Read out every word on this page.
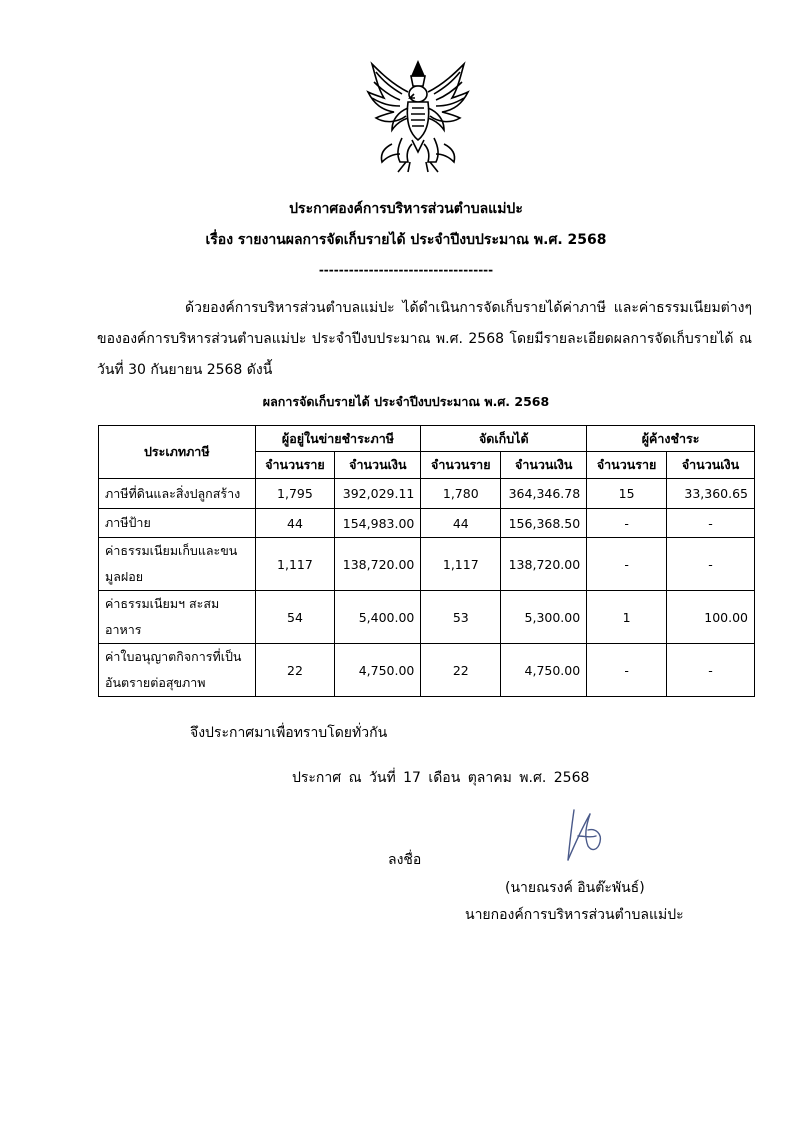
ประกาศองค์การบริหารส่วนตำบลแม่ปะ
เรื่อง รายงานผลการจัดเก็บรายได้ ประจำปีงบประมาณ พ.ศ. 2568
-----------------------------------
ด้วยองค์การบริหารส่วนตำบลแม่ปะ ได้ดำเนินการจัดเก็บรายได้ค่าภาษี และค่าธรรมเนียมต่างๆ ขององค์การบริหารส่วนตำบลแม่ปะ ประจำปีงบประมาณ พ.ศ. 2568 โดยมีรายละเอียดผลการจัดเก็บรายได้ ณ วันที่ 30 กันยายน 2568 ดังนี้
ผลการจัดเก็บรายได้ ประจำปีงบประมาณ พ.ศ. 2568
ประเภทภาษี	ผู้อยู่ในข่ายชำระภาษี		จัดเก็บได้		ผู้ค้างชำระ	
	จำนวนราย	จำนวนเงิน	จำนวนราย	จำนวนเงิน	จำนวนราย	จำนวนเงิน
ภาษีที่ดินและสิ่งปลูกสร้าง	1,795	392,029.11	1,780	364,346.78	15	33,360.65
ภาษีป้าย	44	154,983.00	44	156,368.50	-	-
ค่าธรรมเนียมเก็บและขนมูลฝอย	1,117	138,720.00	1,117	138,720.00	-	-
ค่าธรรมเนียมฯ สะสมอาหาร	54	5,400.00	53	5,300.00	1	100.00
ค่าใบอนุญาตกิจการที่เป็นอันตรายต่อสุขภาพ	22	4,750.00	22	4,750.00	-	-
จึงประกาศมาเพื่อทราบโดยทั่วกัน
ประกาศ ณ วันที่ 17 เดือน ตุลาคม พ.ศ. 2568
ลงชื่อ
(นายณรงค์ อินต๊ะพันธ์)
นายกองค์การบริหารส่วนตำบลแม่ปะ
